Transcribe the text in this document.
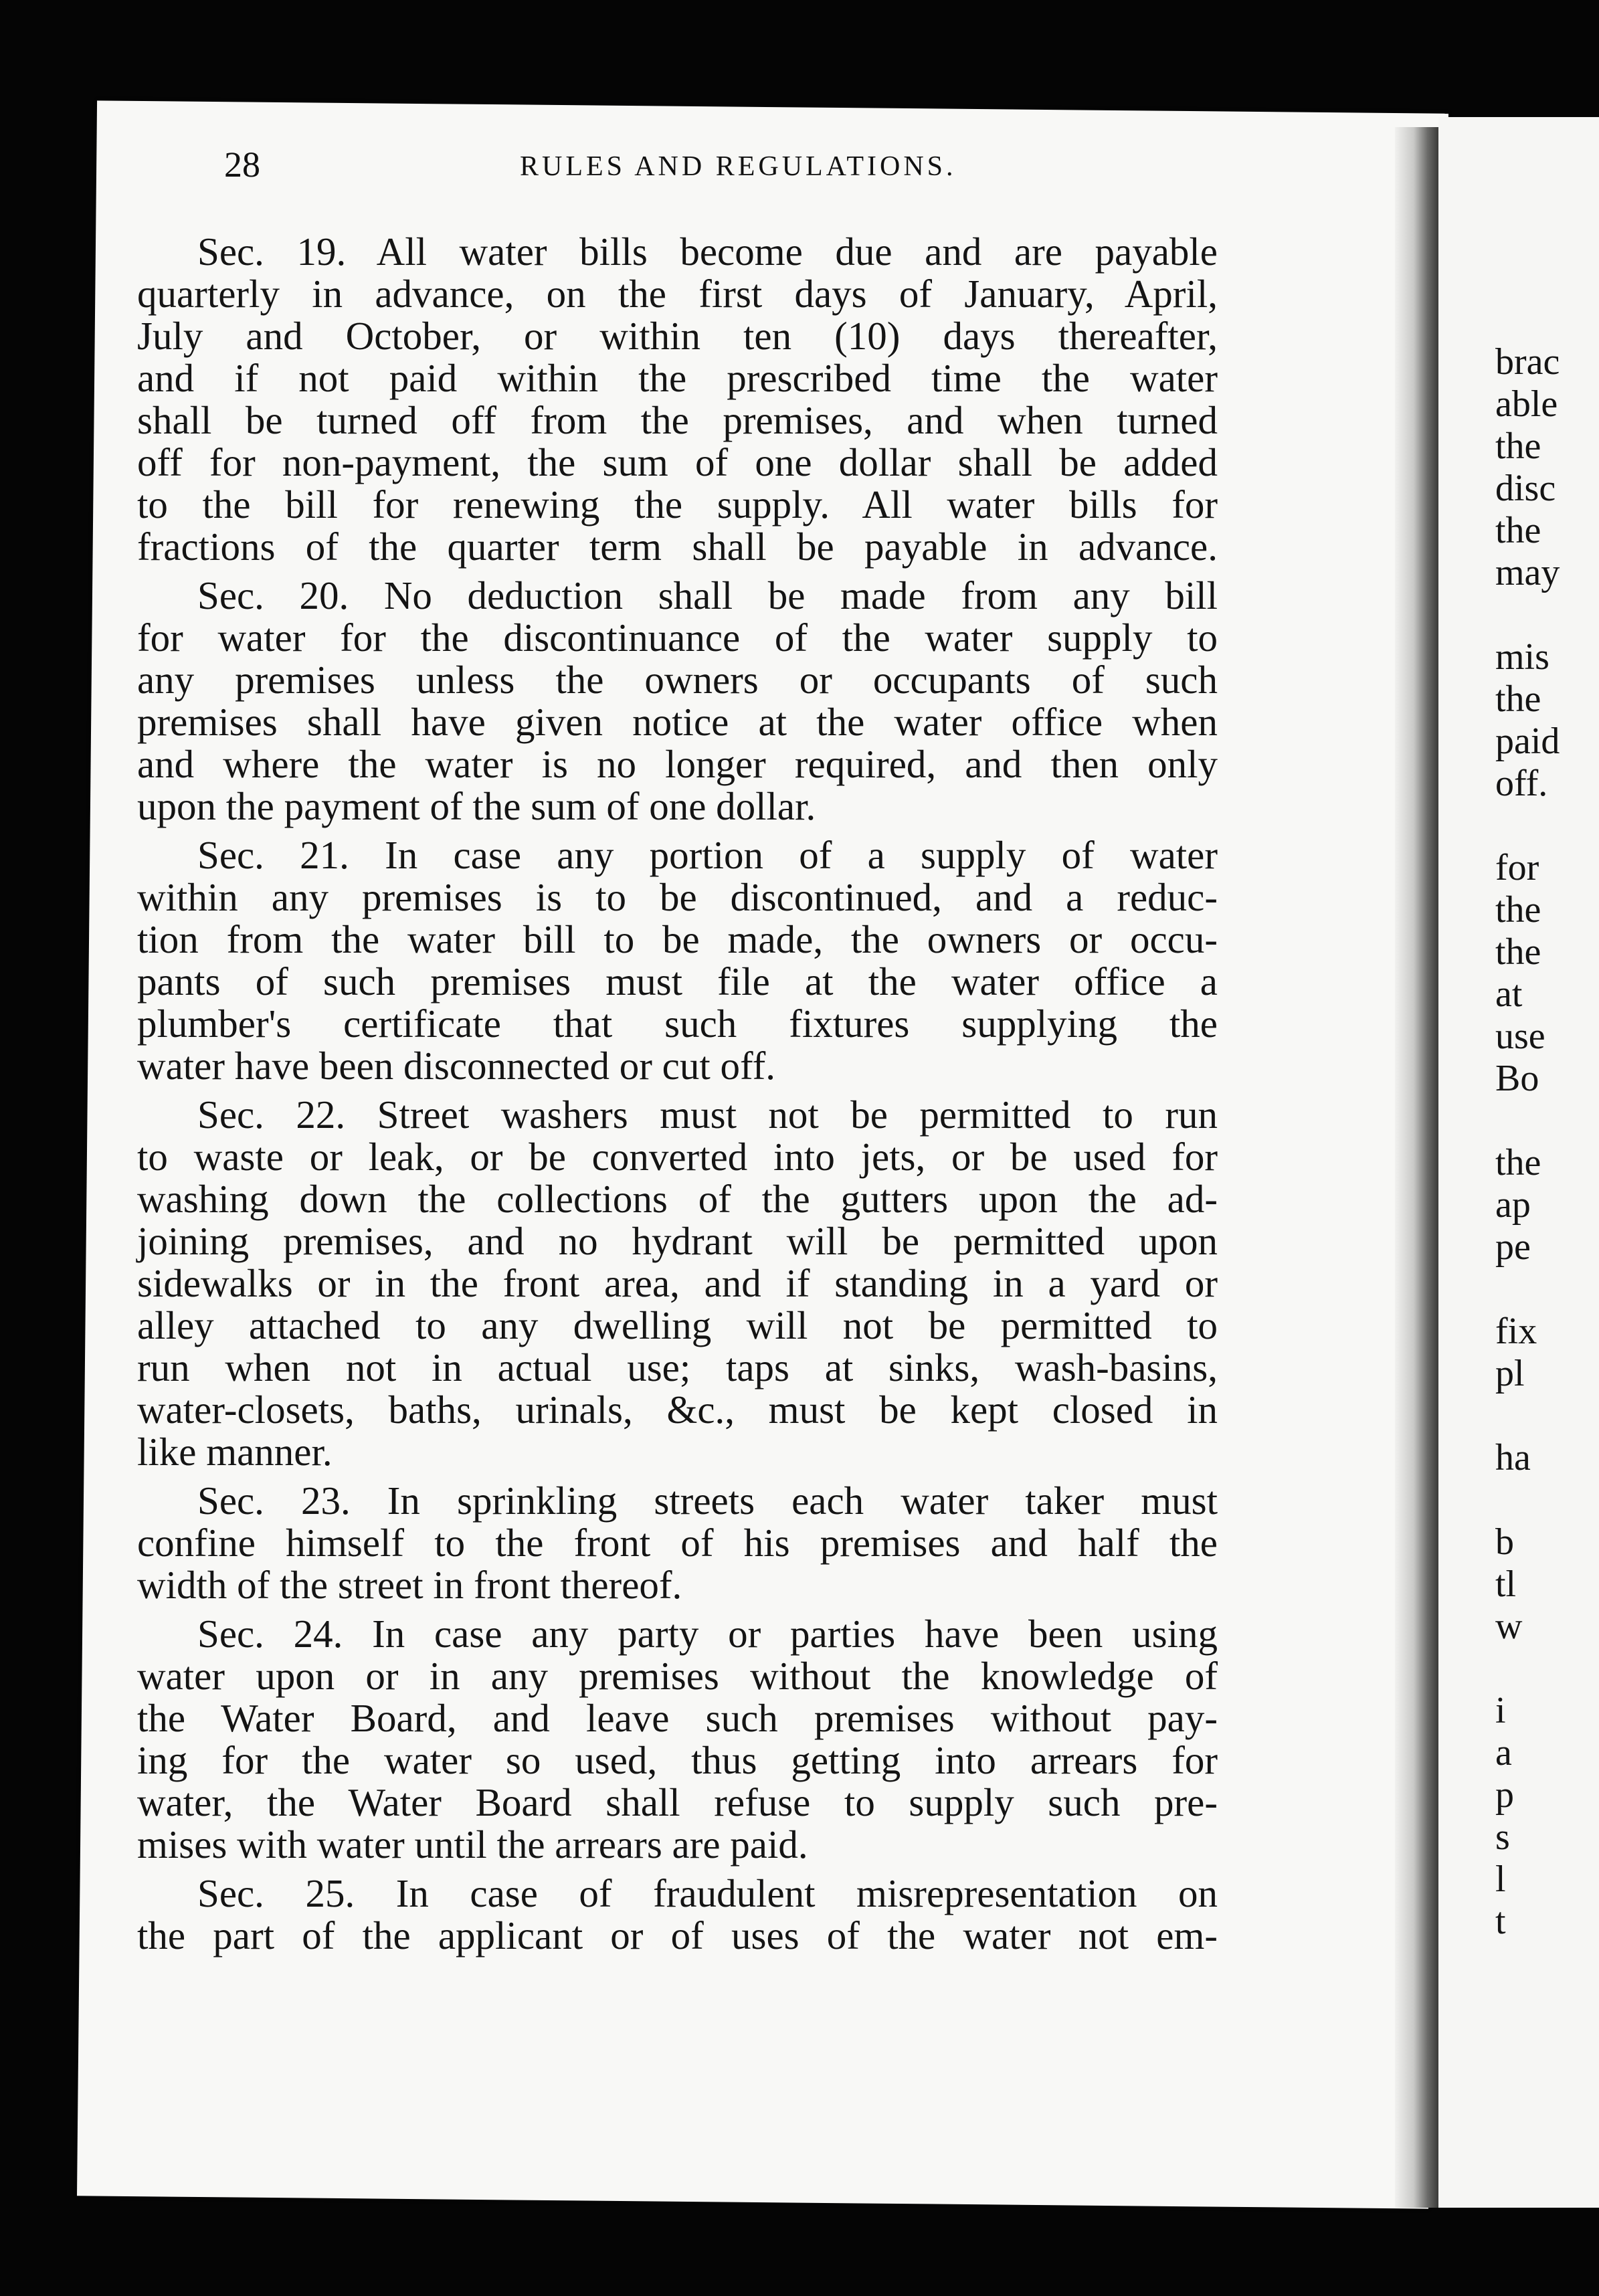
28	RULES AND REGULATIONS.
Sec. 19. All water bills become due and are payable
quarterly in advance, on the first days of January, April,
July and October, or within ten (10) days thereafter,
and if not paid within the prescribed time the water
shall be turned off from the premises, and when turned
off for non-payment, the sum of one dollar shall be added
to the bill for renewing the supply. All water bills for
fractions of the quarter term shall be payable in advance.
Sec. 20. No deduction shall be made from any bill
for water for the discontinuance of the water supply to
any premises unless the owners or occupants of such
premises shall have given notice at the water office when
and where the water is no longer required, and then only
upon the payment of the sum of one dollar.
Sec. 21. In case any portion of a supply of water
within any premises is to be discontinued, and a reduc-
tion from the water bill to be made, the owners or occu-
pants of such premises must file at the water office a
plumber's certificate that such fixtures supplying the
water have been disconnected or cut off.
Sec. 22. Street washers must not be permitted to run
to waste or leak, or be converted into jets, or be used for
washing down the collections of the gutters upon the ad-
joining premises, and no hydrant will be permitted upon
sidewalks or in the front area, and if standing in a yard or
alley attached to any dwelling will not be permitted to
run when not in actual use; taps at sinks, wash-basins,
water-closets, baths, urinals, &c., must be kept closed in
like manner.
Sec. 23. In sprinkling streets each water taker must
confine himself to the front of his premises and half the
width of the street in front thereof.
Sec. 24. In case any party or parties have been using
water upon or in any premises without the knowledge of
the Water Board, and leave such premises without pay-
ing for the water so used, thus getting into arrears for
water, the Water Board shall refuse to supply such pre-
mises with water until the arrears are paid.
Sec. 25. In case of fraudulent misrepresentation on
the part of the applicant or of uses of the water not em-
brac
able
the
disc
the
may
mis
the
paid
off.
for
the
the
at
use
Bo
the
ap
pe
fix
pl
ha
b
tl
w
i
a
p
s
l
t
